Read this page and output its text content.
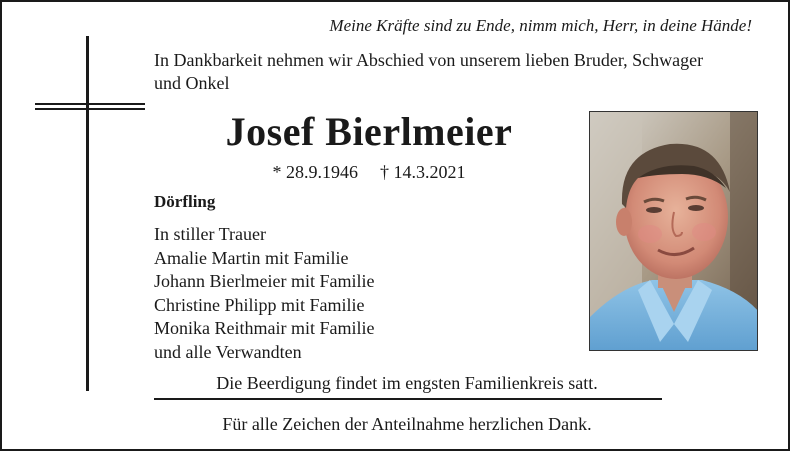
Meine Kräfte sind zu Ende, nimm mich, Herr, in deine Hände!
In Dankbarkeit nehmen wir Abschied von unserem lieben Bruder, Schwager und Onkel
Josef Bierlmeier
* 28.9.1946 † 14.3.2021
Dörfling
In stiller Trauer
Amalie Martin mit Familie
Johann Bierlmeier mit Familie
Christine Philipp mit Familie
Monika Reithmair mit Familie
und alle Verwandten
Die Beerdigung findet im engsten Familienkreis satt.
Für alle Zeichen der Anteilnahme herzlichen Dank.
